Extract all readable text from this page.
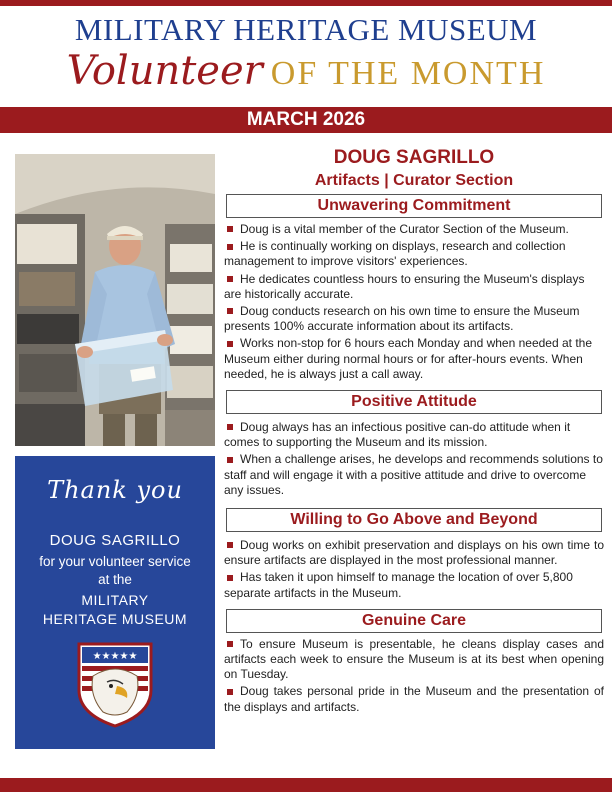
MILITARY HERITAGE MUSEUM
Volunteer OF THE MONTH
MARCH 2026
Thank you
DOUG SAGRILLO
for your volunteer service
at the
MILITARY
HERITAGE MUSEUM
★★★★★
DOUG SAGRILLO
Artifacts | Curator Section
Unwavering Commitment

Doug is a vital member of the Curator Section of the Museum.

He is continually working on displays, research and collection management to improve visitors' experiences.

He dedicates countless hours to ensuring the Museum's displays are historically accurate.

Doug conducts research on his own time to ensure the Museum presents 100% accurate information about its artifacts.

Works non-stop for 6 hours each Monday and when needed at the Museum either during normal hours or for after-hours events. When needed, he is always just a call away.

Positive Attitude

Doug always has an infectious positive can-do attitude when it comes to supporting the Museum and its mission.

When a challenge arises, he develops and recommends solutions to staff and will engage it with a positive attitude and drive to overcome any issues.

Willing to Go Above and Beyond

Doug works on exhibit preservation and displays on his own time to ensure artifacts are displayed in the most professional manner.

Has taken it upon himself to manage the location of over 5,800 separate artifacts in the Museum.

Genuine Care

To ensure Museum is presentable, he cleans display cases and artifacts each week to ensure the Museum is at its best when opening on Tuesday.

Doug takes personal pride in the Museum and the presentation of the displays and artifacts.
